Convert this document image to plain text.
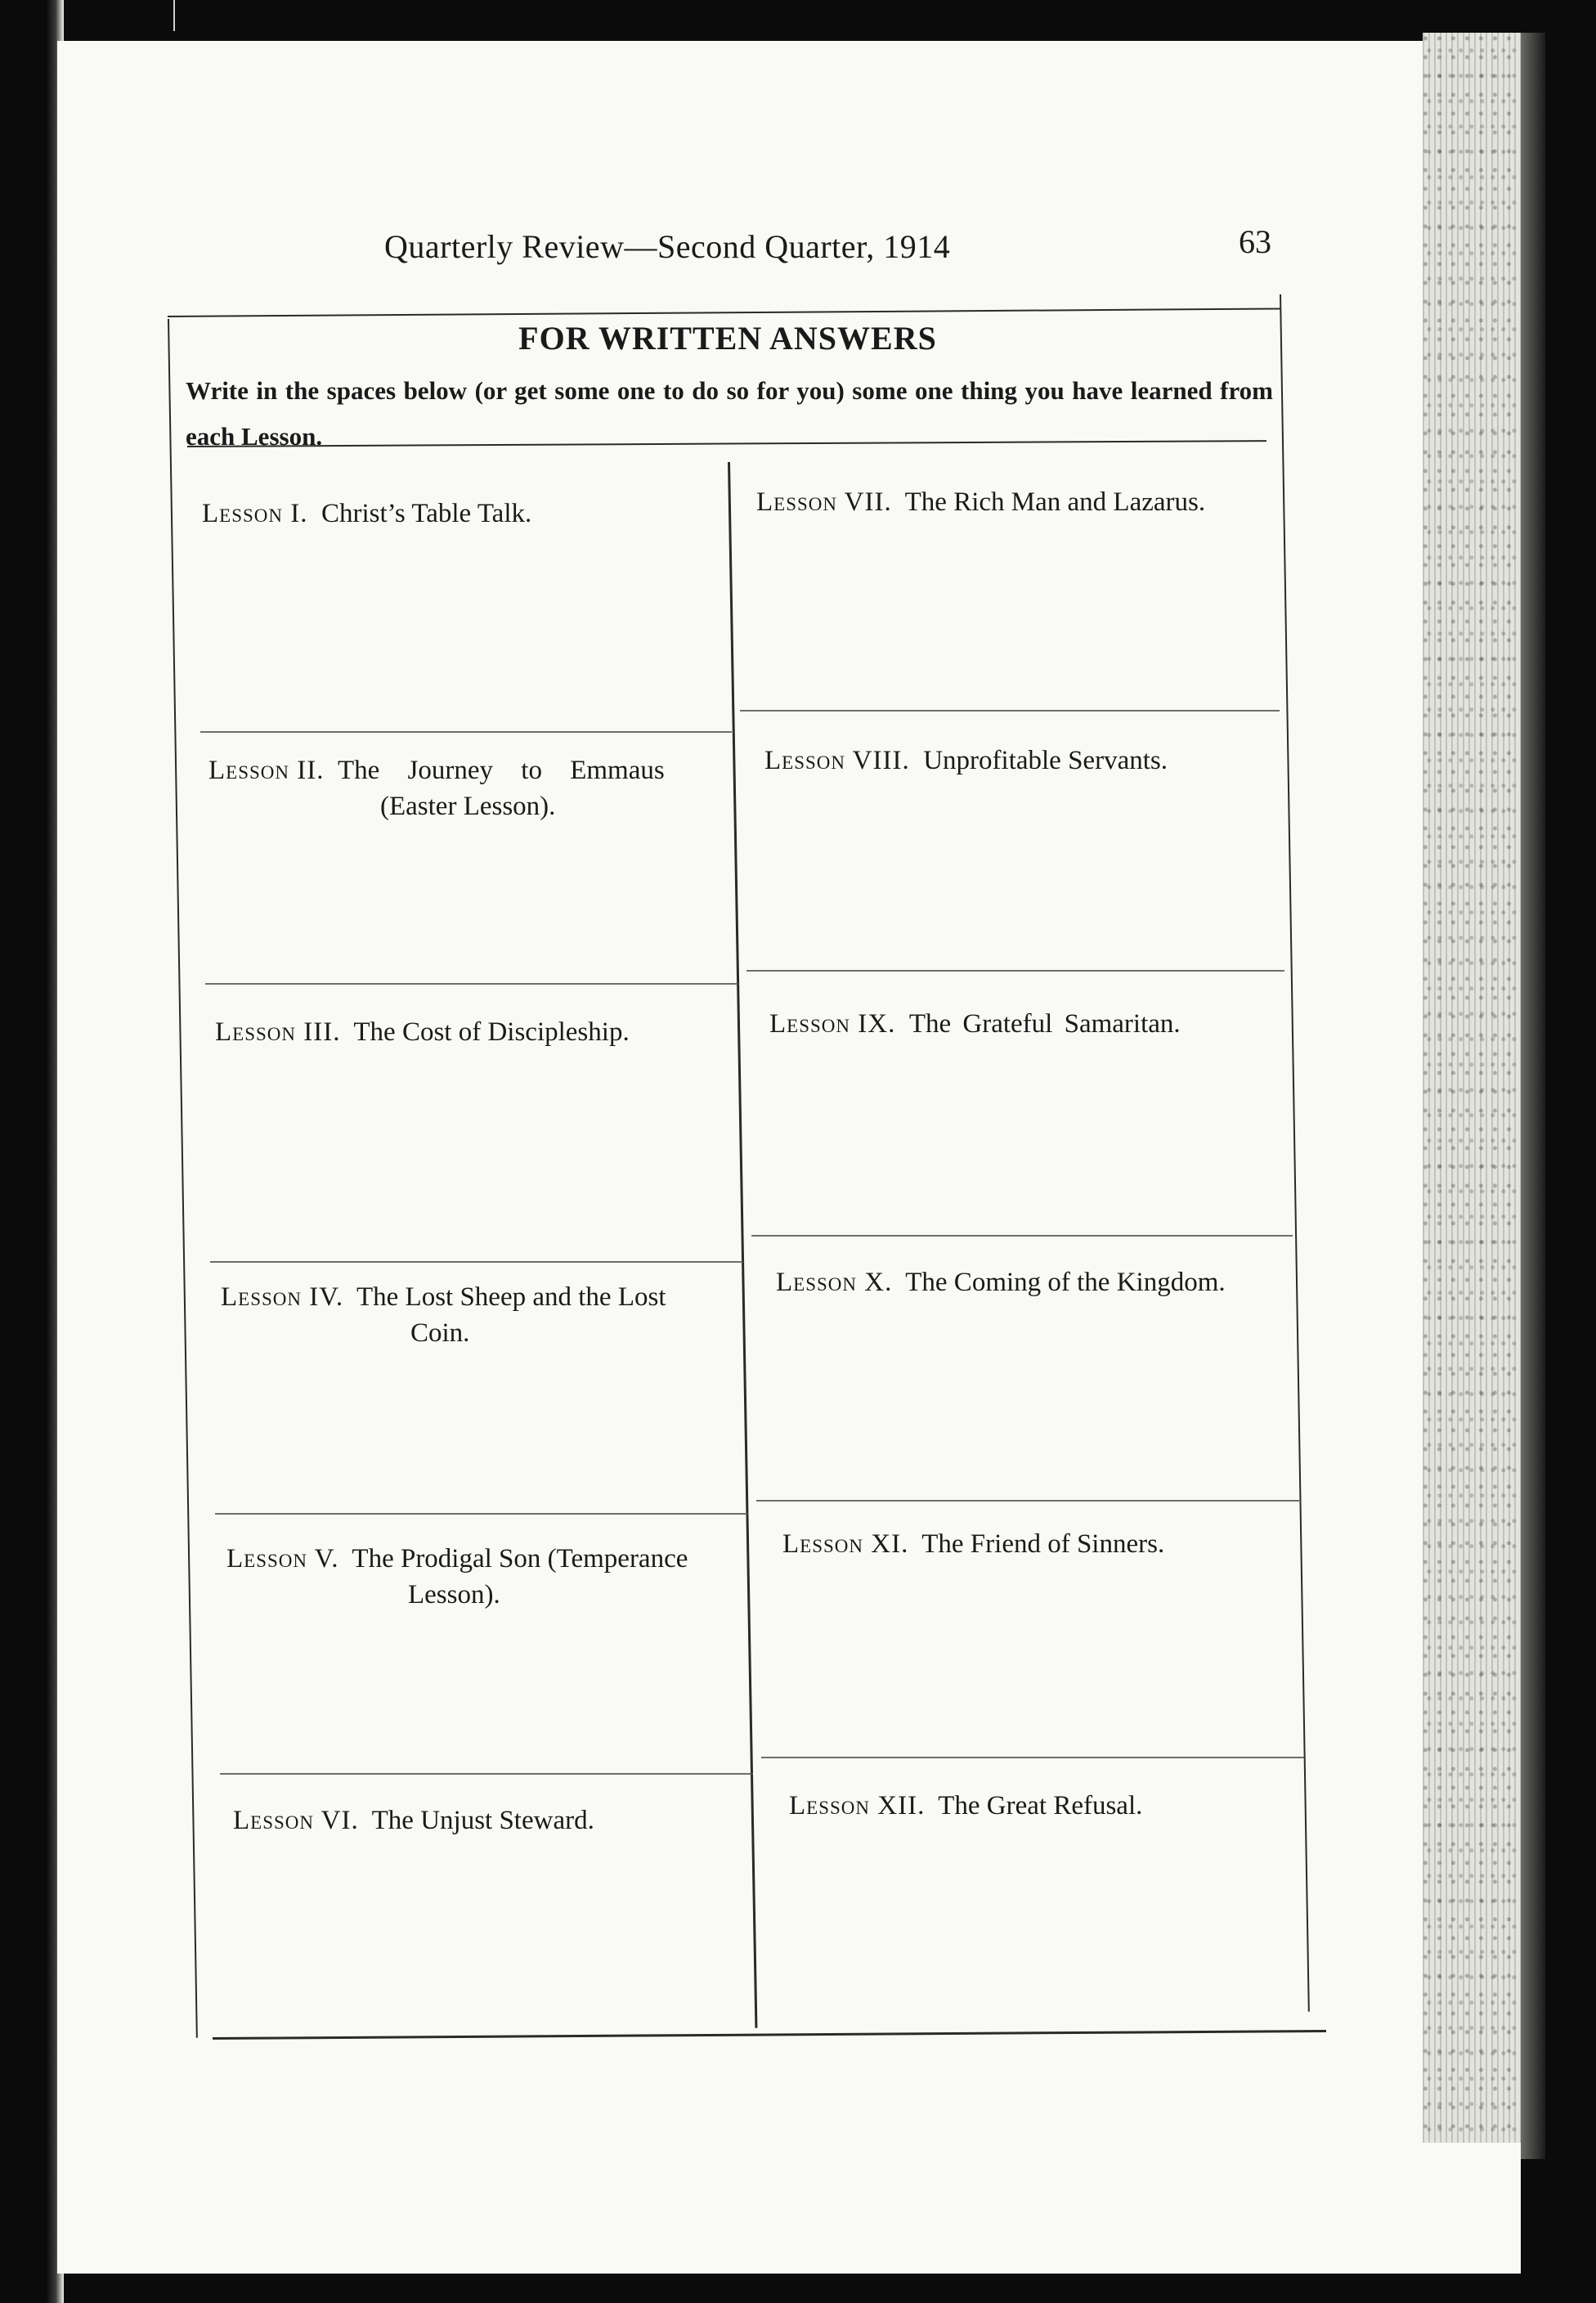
Quarterly Review—Second Quarter, 1914	63
FOR WRITTEN ANSWERS
Write in the spaces below (or get some one to do so for you) some one thing you have learned from each Lesson.
Lesson I. Christ’s Table Talk.
Lesson II. The Journey to Emmaus
(Easter Lesson).
Lesson III. The Cost of Discipleship.
Lesson IV. The Lost Sheep and the Lost
Coin.
Lesson V. The Prodigal Son (Temperance
Lesson).
Lesson VI. The Unjust Steward.
Lesson VII. The Rich Man and Lazarus.
Lesson VIII. Unprofitable Servants.
Lesson IX. The Grateful Samaritan.
Lesson X. The Coming of the Kingdom.
Lesson XI. The Friend of Sinners.
Lesson XII. The Great Refusal.
